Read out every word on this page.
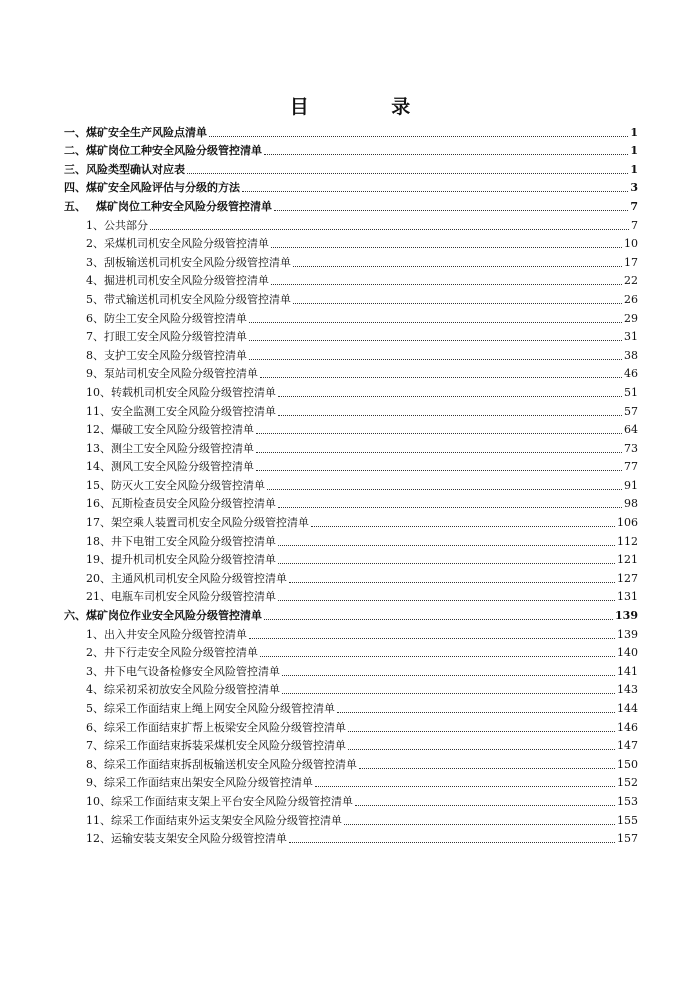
目 录
一、煤矿安全生产风险点清单	1
二、煤矿岗位工种安全风险分级管控清单	1
三、风险类型确认对应表	1
四、煤矿安全风险评估与分级的方法	3
五、 煤矿岗位工种安全风险分级管控清单	7
1、公共部分	7
2、采煤机司机安全风险分级管控清单	10
3、刮板输送机司机安全风险分级管控清单	17
4、掘进机司机安全风险分级管控清单	22
5、带式输送机司机安全风险分级管控清单	26
6、防尘工安全风险分级管控清单	29
7、打眼工安全风险分级管控清单	31
8、支护工安全风险分级管控清单	38
9、泵站司机安全风险分级管控清单	46
10、转载机司机安全风险分级管控清单	51
11、安全监测工安全风险分级管控清单	57
12、爆破工安全风险分级管控清单	64
13、测尘工安全风险分级管控清单	73
14、测风工安全风险分级管控清单	77
15、防灭火工安全风险分级管控清单	91
16、瓦斯检查员安全风险分级管控清单	98
17、架空乘人装置司机安全风险分级管控清单	106
18、井下电钳工安全风险分级管控清单	112
19、提升机司机安全风险分级管控清单	121
20、主通风机司机安全风险分级管控清单	127
21、电瓶车司机安全风险分级管控清单	131
六、煤矿岗位作业安全风险分级管控清单	139
1、出入井安全风险分级管控清单	139
2、井下行走安全风险分级管控清单	140
3、井下电气设备检修安全风险管控清单	141
4、综采初采初放安全风险分级管控清单	143
5、综采工作面结束上绳上网安全风险分级管控清单	144
6、综采工作面结束扩帮上板梁安全风险分级管控清单	146
7、综采工作面结束拆装采煤机安全风险分级管控清单	147
8、综采工作面结束拆刮板输送机安全风险分级管控清单	150
9、综采工作面结束出架安全风险分级管控清单	152
10、综采工作面结束支架上平台安全风险分级管控清单	153
11、综采工作面结束外运支架安全风险分级管控清单	155
12、运输安装支架安全风险分级管控清单	157
